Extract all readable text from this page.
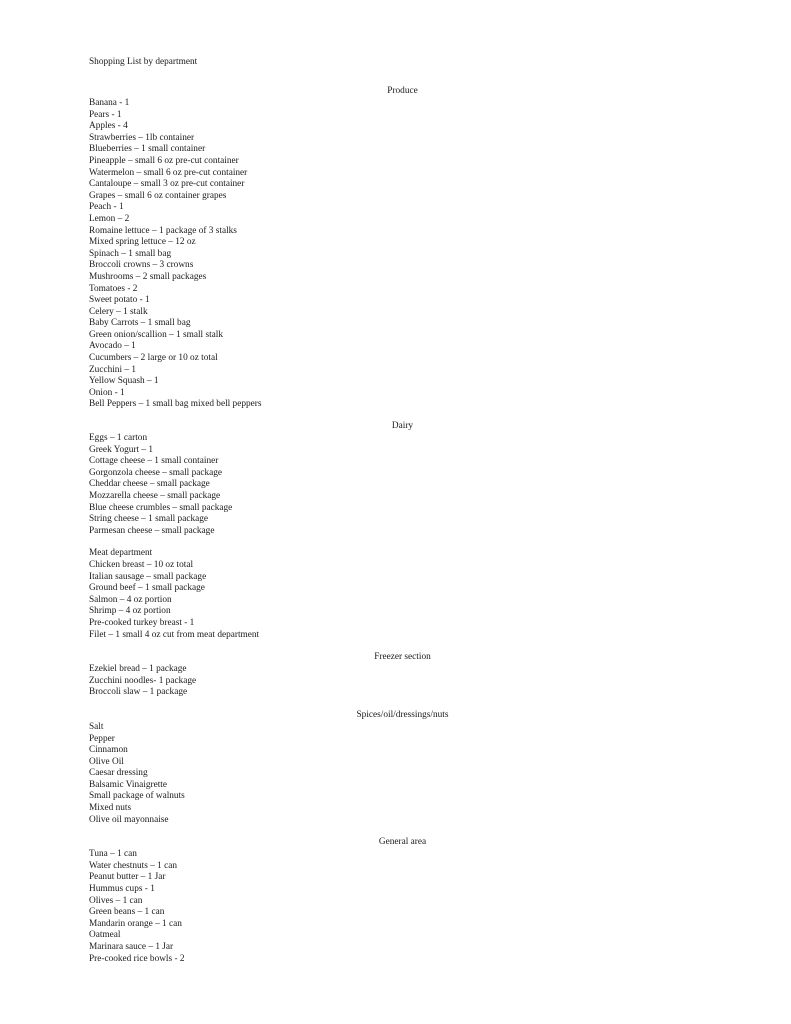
Shopping List by department
Produce
Banana - 1
Pears - 1
Apples - 4
Strawberries – 1lb container
Blueberries – 1 small container
Pineapple – small 6 oz pre-cut container
Watermelon – small 6 oz pre-cut container
Cantaloupe – small 3 oz pre-cut container
Grapes – small 6 oz container grapes
Peach - 1
Lemon – 2
Romaine lettuce – 1 package of 3 stalks
Mixed spring lettuce – 12 oz
Spinach – 1 small bag
Broccoli crowns – 3 crowns
Mushrooms – 2 small packages
Tomatoes - 2
Sweet potato - 1
Celery – 1 stalk
Baby Carrots – 1 small bag
Green onion/scallion – 1 small stalk
Avocado – 1
Cucumbers – 2 large or 10 oz total
Zucchini – 1
Yellow Squash – 1
Onion - 1
Bell Peppers – 1 small bag mixed bell peppers
Dairy
Eggs – 1 carton
Greek Yogurt – 1
Cottage cheese – 1 small container
Gorgonzola cheese – small package
Cheddar cheese – small package
Mozzarella cheese – small package
Blue cheese crumbles – small package
String cheese – 1 small package
Parmesan cheese – small package
Meat department
Chicken breast – 10 oz total
Italian sausage – small package
Ground beef – 1 small package
Salmon – 4 oz portion
Shrimp – 4 oz portion
Pre-cooked turkey breast - 1
Filet – 1 small 4 oz cut from meat department
Freezer section
Ezekiel bread – 1 package
Zucchini noodles- 1 package
Broccoli slaw – 1 package
Spices/oil/dressings/nuts
Salt
Pepper
Cinnamon
Olive Oil
Caesar dressing
Balsamic Vinaigrette
Small package of walnuts
Mixed nuts
Olive oil mayonnaise
General area
Tuna – 1 can
Water chestnuts – 1 can
Peanut butter – 1 Jar
Hummus cups - 1
Olives – 1 can
Green beans – 1 can
Mandarin orange – 1 can
Oatmeal
Marinara sauce – 1 Jar
Pre-cooked rice bowls - 2
